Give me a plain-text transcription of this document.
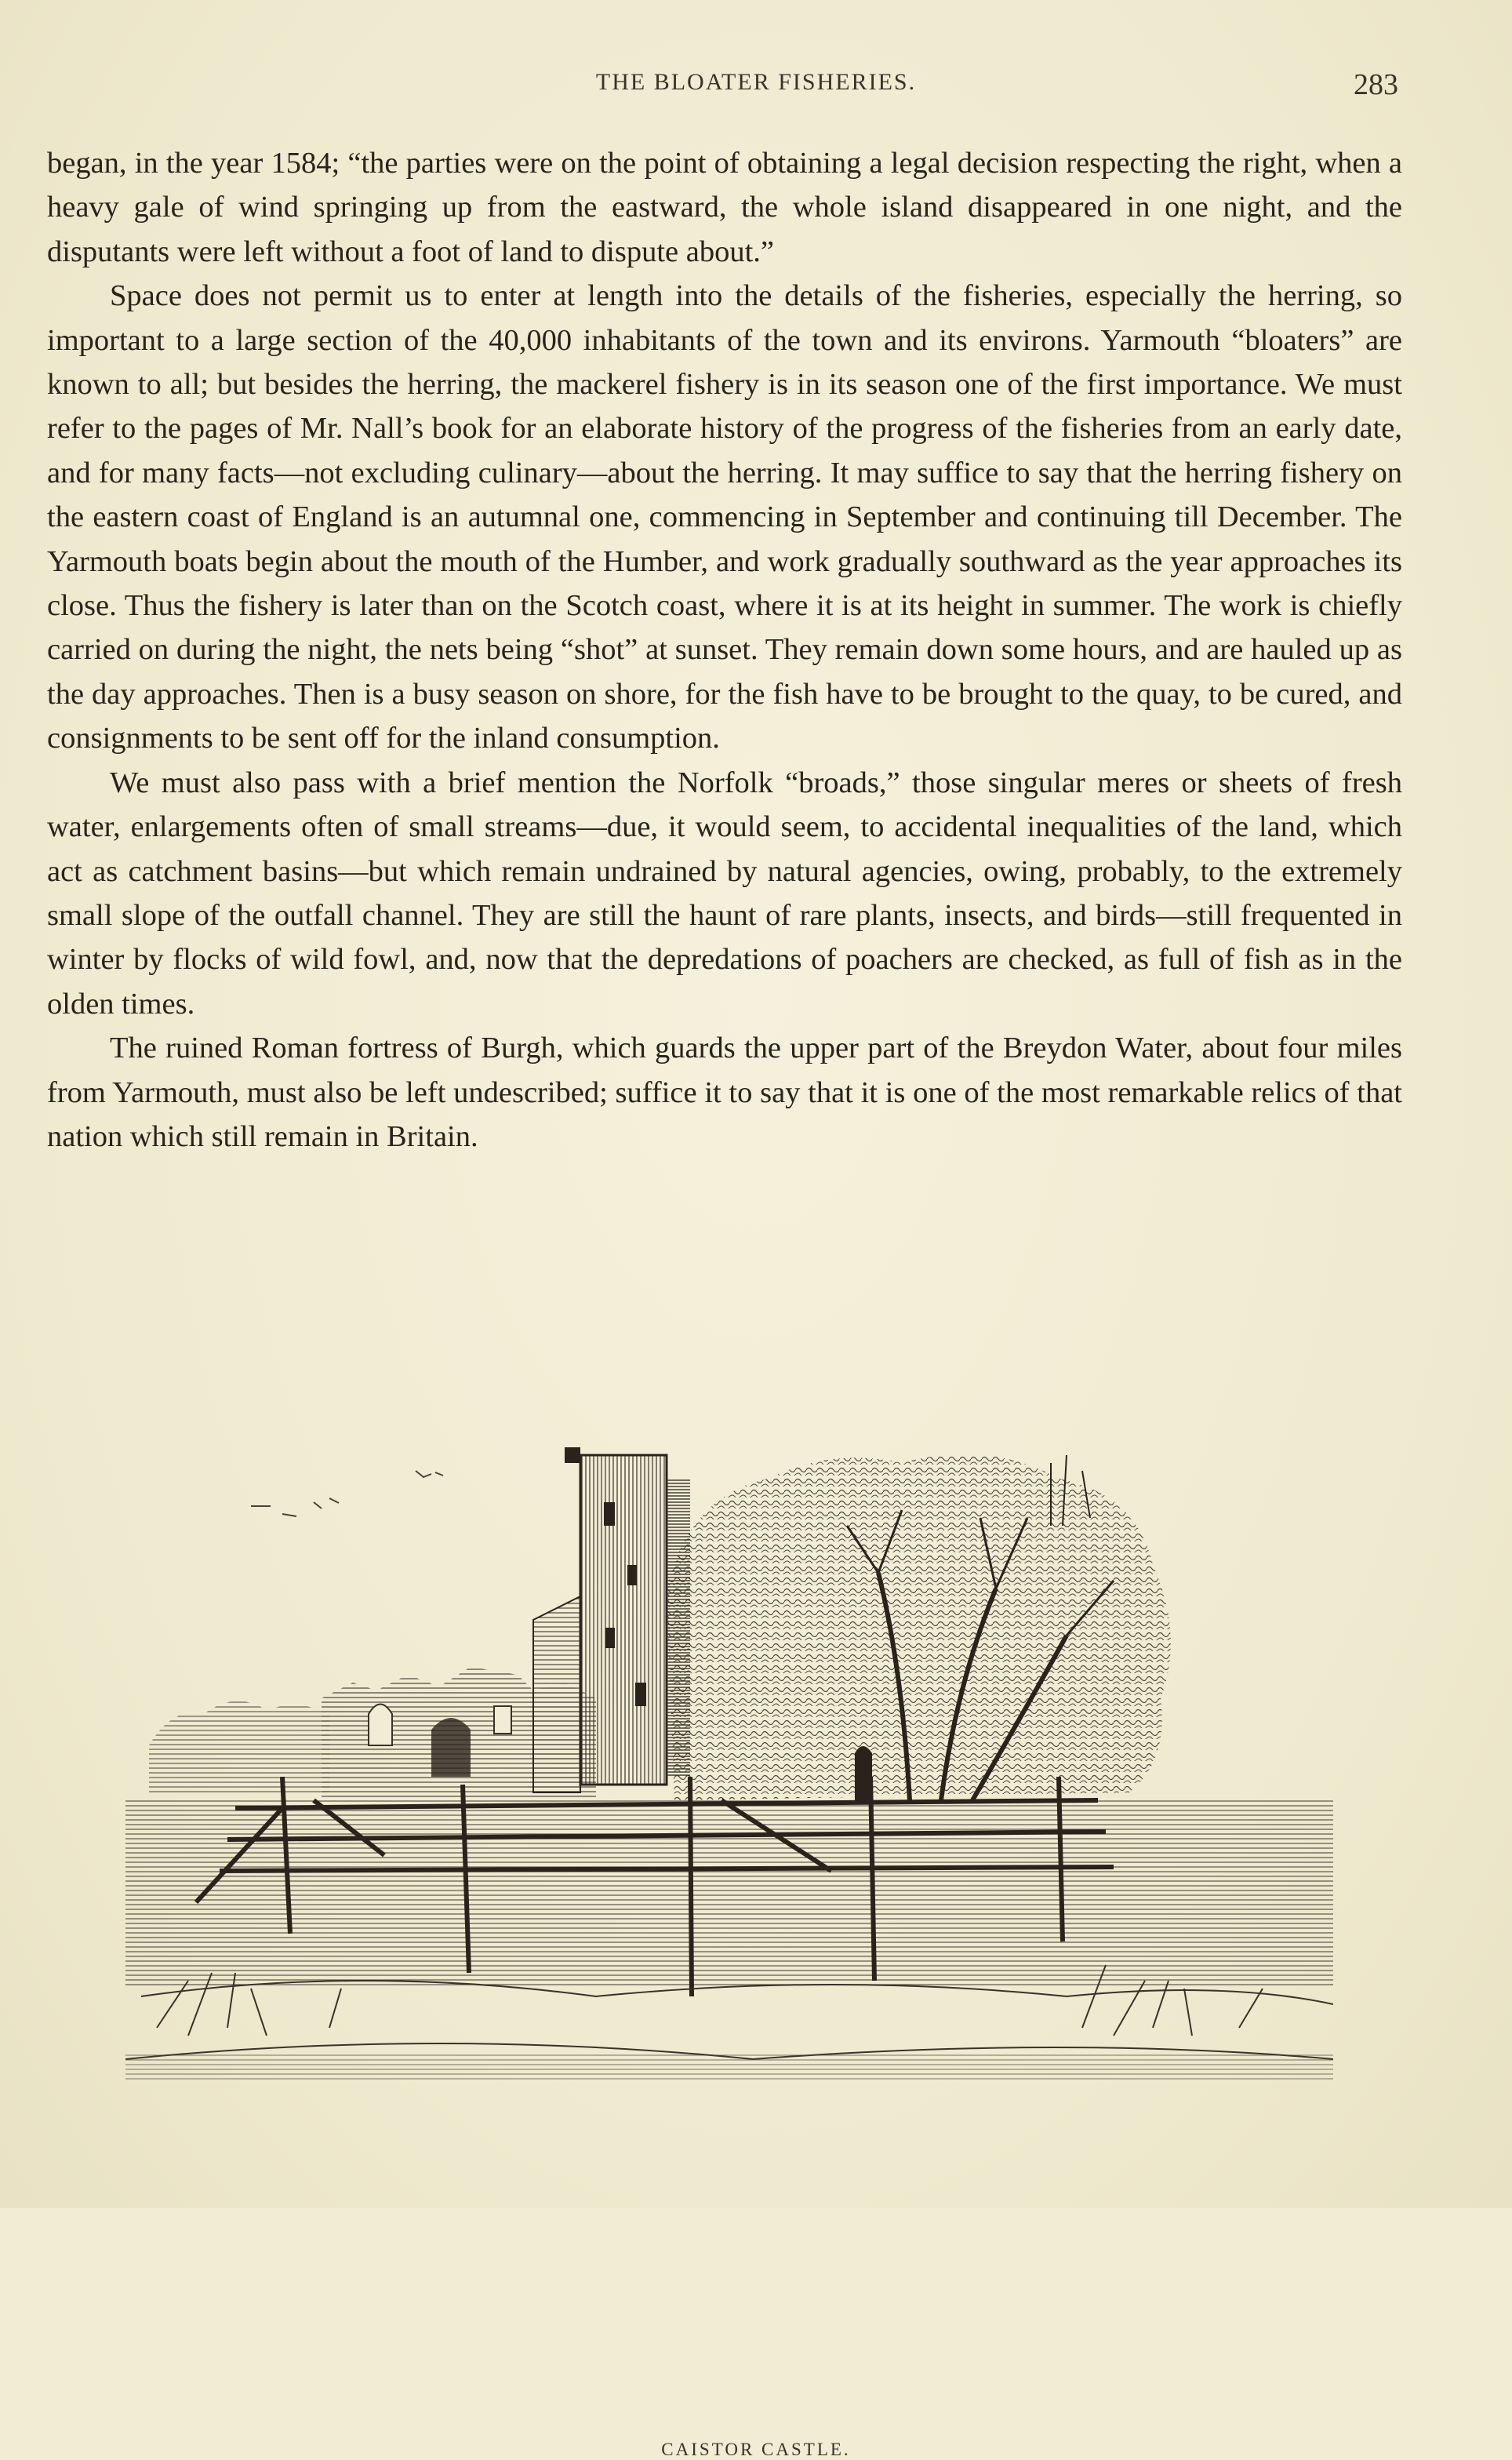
THE BLOATER FISHERIES.	283

began, in the year 1584; “the parties were on the point of obtaining a legal decision respecting the right, when a heavy gale of wind springing up from the eastward, the whole island disappeared in one night, and the disputants were left without a foot of land to dispute about.”

Space does not permit us to enter at length into the details of the fisheries, especially the herring, so important to a large section of the 40,000 inhabitants of the town and its environs. Yarmouth “bloaters” are known to all; but besides the herring, the mackerel fishery is in its season one of the first importance. We must refer to the pages of Mr. Nall’s book for an elaborate history of the progress of the fisheries from an early date, and for many facts—not excluding culinary—about the herring. It may suffice to say that the herring fishery on the eastern coast of England is an autumnal one, commencing in September and continuing till December. The Yarmouth boats begin about the mouth of the Humber, and work gradually southward as the year approaches its close. Thus the fishery is later than on the Scotch coast, where it is at its height in summer. The work is chiefly carried on during the night, the nets being “shot” at sunset. They remain down some hours, and are hauled up as the day approaches. Then is a busy season on shore, for the fish have to be brought to the quay, to be cured, and consignments to be sent off for the inland consumption.

We must also pass with a brief mention the Norfolk “broads,” those singular meres or sheets of fresh water, enlargements often of small streams—due, it would seem, to accidental inequalities of the land, which act as catchment basins—but which remain undrained by natural agencies, owing, probably, to the extremely small slope of the outfall channel. They are still the haunt of rare plants, insects, and birds—still frequented in winter by flocks of wild fowl, and, now that the depredations of poachers are checked, as full of fish as in the olden times.

The ruined Roman fortress of Burgh, which guards the upper part of the Breydon Water, about four miles from Yarmouth, must also be left undescribed; suffice it to say that it is one of the most remarkable relics of that nation which still remain in Britain.

CAISTOR CASTLE.
